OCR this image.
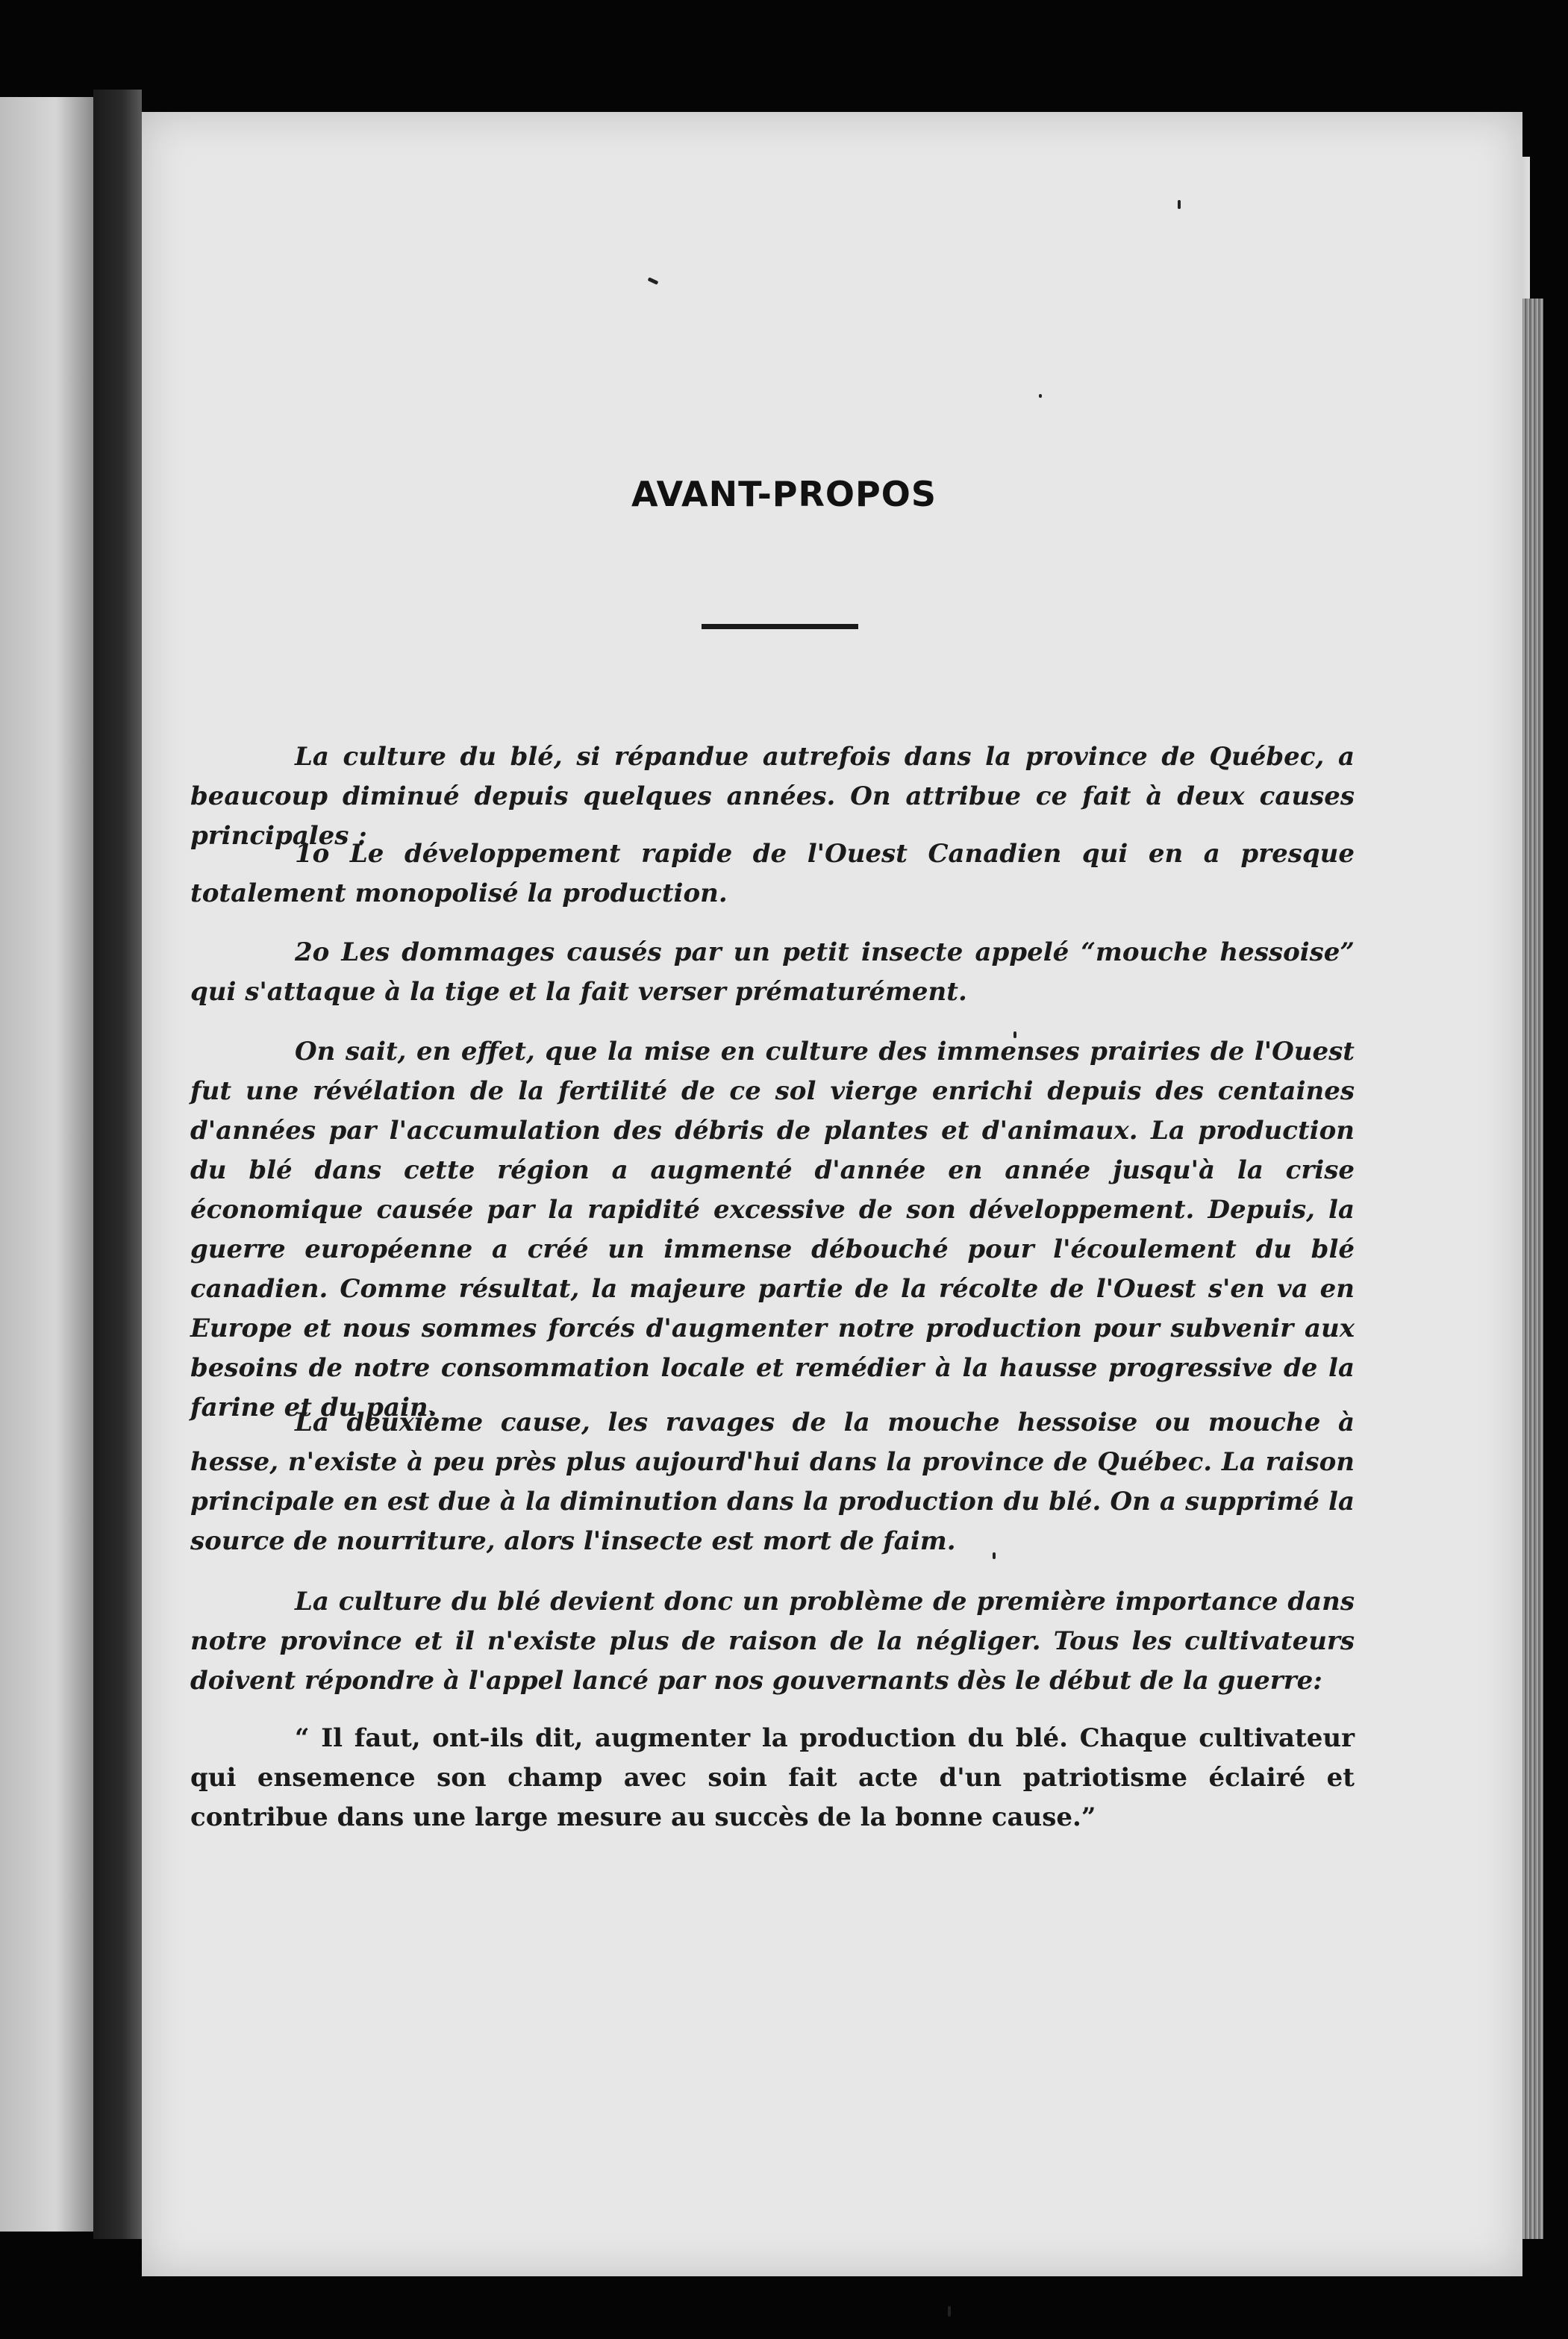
AVANT-PROPOS

La culture du blé, si répandue autrefois dans la province de Québec, a beaucoup diminué depuis quelques années. On attribue ce fait à deux causes principales :

1o Le développement rapide de l'Ouest Canadien qui en a presque totalement monopolisé la production.

2o Les dommages causés par un petit insecte appelé “mouche hessoise” qui s'attaque à la tige et la fait verser prématurément.

On sait, en effet, que la mise en culture des immenses prairies de l'Ouest fut une révélation de la fertilité de ce sol vierge enrichi depuis des centaines d'années par l'accumulation des débris de plantes et d'animaux. La production du blé dans cette région a augmenté d'année en année jusqu'à la crise économique causée par la rapidité excessive de son développement. Depuis, la guerre européenne a créé un immense débouché pour l'écoulement du blé canadien. Comme résultat, la majeure partie de la récolte de l'Ouest s'en va en Europe et nous sommes forcés d'augmenter notre production pour subvenir aux besoins de notre consommation locale et remédier à la hausse progressive de la farine et du pain.

La deuxième cause, les ravages de la mouche hessoise ou mouche à hesse, n'existe à peu près plus aujourd'hui dans la province de Québec. La raison principale en est due à la diminution dans la production du blé. On a supprimé la source de nourriture, alors l'insecte est mort de faim.

La culture du blé devient donc un problème de première importance dans notre province et il n'existe plus de raison de la négliger. Tous les cultivateurs doivent répondre à l'appel lancé par nos gouvernants dès le début de la guerre:

“ Il faut, ont-ils dit, augmenter la production du blé. Chaque cultivateur qui ensemence son champ avec soin fait acte d'un patriotisme éclairé et contribue dans une large mesure au succès de la bonne cause.”
